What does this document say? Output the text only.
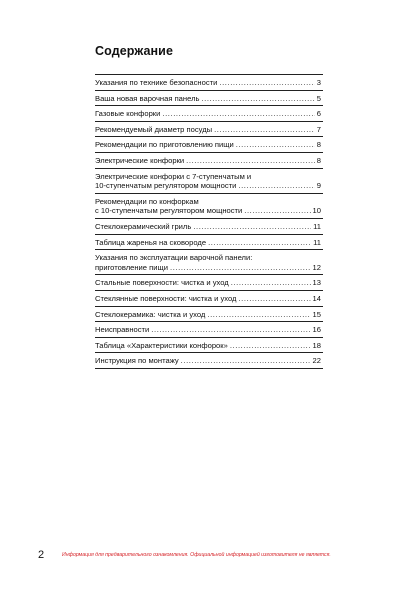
Содержание
Указания по технике безопасности .....	3
Ваша новая варочная панель .....	5
Газовые конфорки .....	6
Рекомендуемый диаметр посуды .....	7
Рекомендации по приготовлению пищи .....	8
Электрические конфорки .....	8
Электрические конфорки с 7-ступенчатым и
10-ступенчатым регулятором мощности .....	9
Рекомендации по конфоркам
с 10-ступенчатым регулятором мощности .....	10
Стеклокерамический гриль .....	11
Таблица жаренья на сковороде .....	11
Указания по эксплуатации варочной панели:
приготовление пищи .....	12
Стальные поверхности: чистка и уход .....	13
Стеклянные поверхности: чистка и уход .....	14
Стеклокерамика: чистка и уход .....	15
Неисправности .....	16
Таблица «Характеристики конфорок» .....	18
Инструкция по монтажу .....	22

2	Информация для предварительного ознакомления. Официальной информацией изготовителя не является.
